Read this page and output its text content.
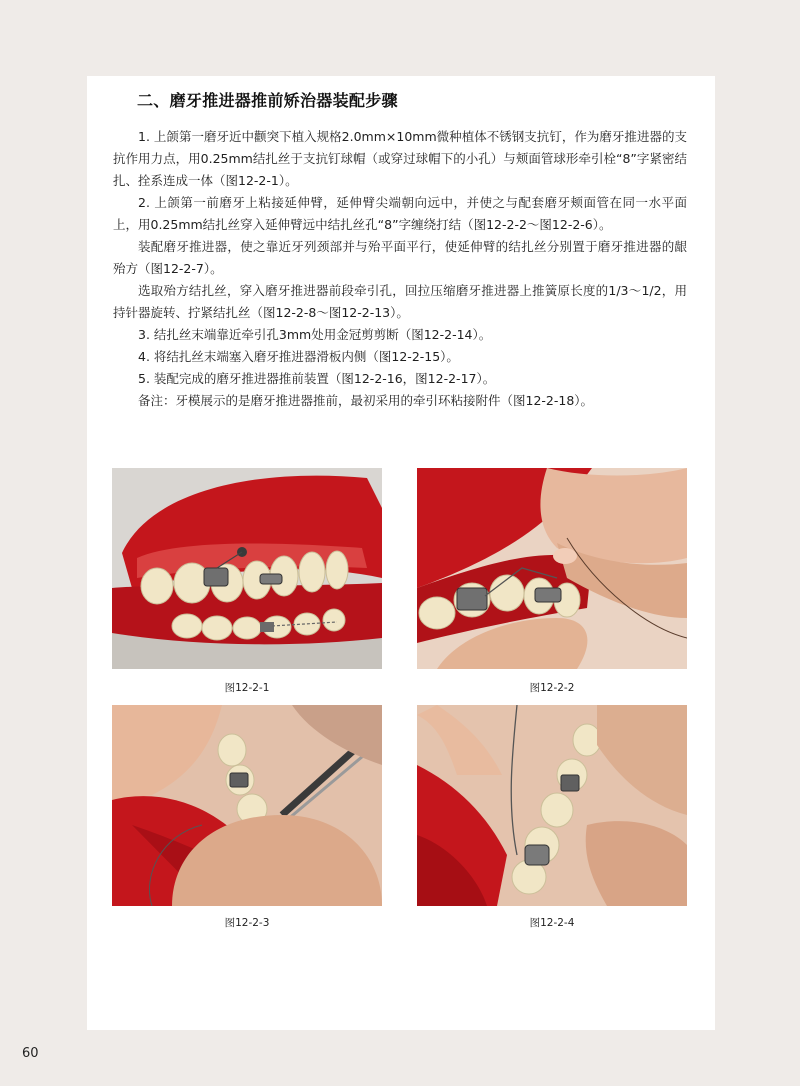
二、磨牙推进器推前矫治器装配步骤

1. 上颌第一磨牙近中颧突下植入规格2.0mm×10mm微种植体不锈钢支抗钉，作为磨牙推进器的支抗作用力点，用0.25mm结扎丝于支抗钉球帽（或穿过球帽下的小孔）与颊面管球形牵引栓“8”字紧密结扎、拴系连成一体（图12-2-1）。

2. 上颌第一前磨牙上粘接延伸臂，延伸臂尖端朝向远中，并使之与配套磨牙颊面管在同一水平面上，用0.25mm结扎丝穿入延伸臂远中结扎丝孔“8”字缠绕打结（图12-2-2～图12-2-6）。

装配磨牙推进器，使之靠近牙列颈部并与殆平面平行，使延伸臂的结扎丝分别置于磨牙推进器的龈殆方（图12-2-7）。

选取殆方结扎丝，穿入磨牙推进器前段牵引孔，回拉压缩磨牙推进器上推簧原长度的1/3～1/2，用持针器旋转、拧紧结扎丝（图12-2-8～图12-2-13）。

3. 结扎丝末端靠近牵引孔3mm处用金冠剪剪断（图12-2-14）。

4. 将结扎丝末端塞入磨牙推进器滑板内侧（图12-2-15）。

5. 装配完成的磨牙推进器推前装置（图12-2-16，图12-2-17）。

备注：牙模展示的是磨牙推进器推前，最初采用的牵引环粘接附件（图12-2-18）。

图12-2-1	图12-2-2
图12-2-3	图12-2-4
60
